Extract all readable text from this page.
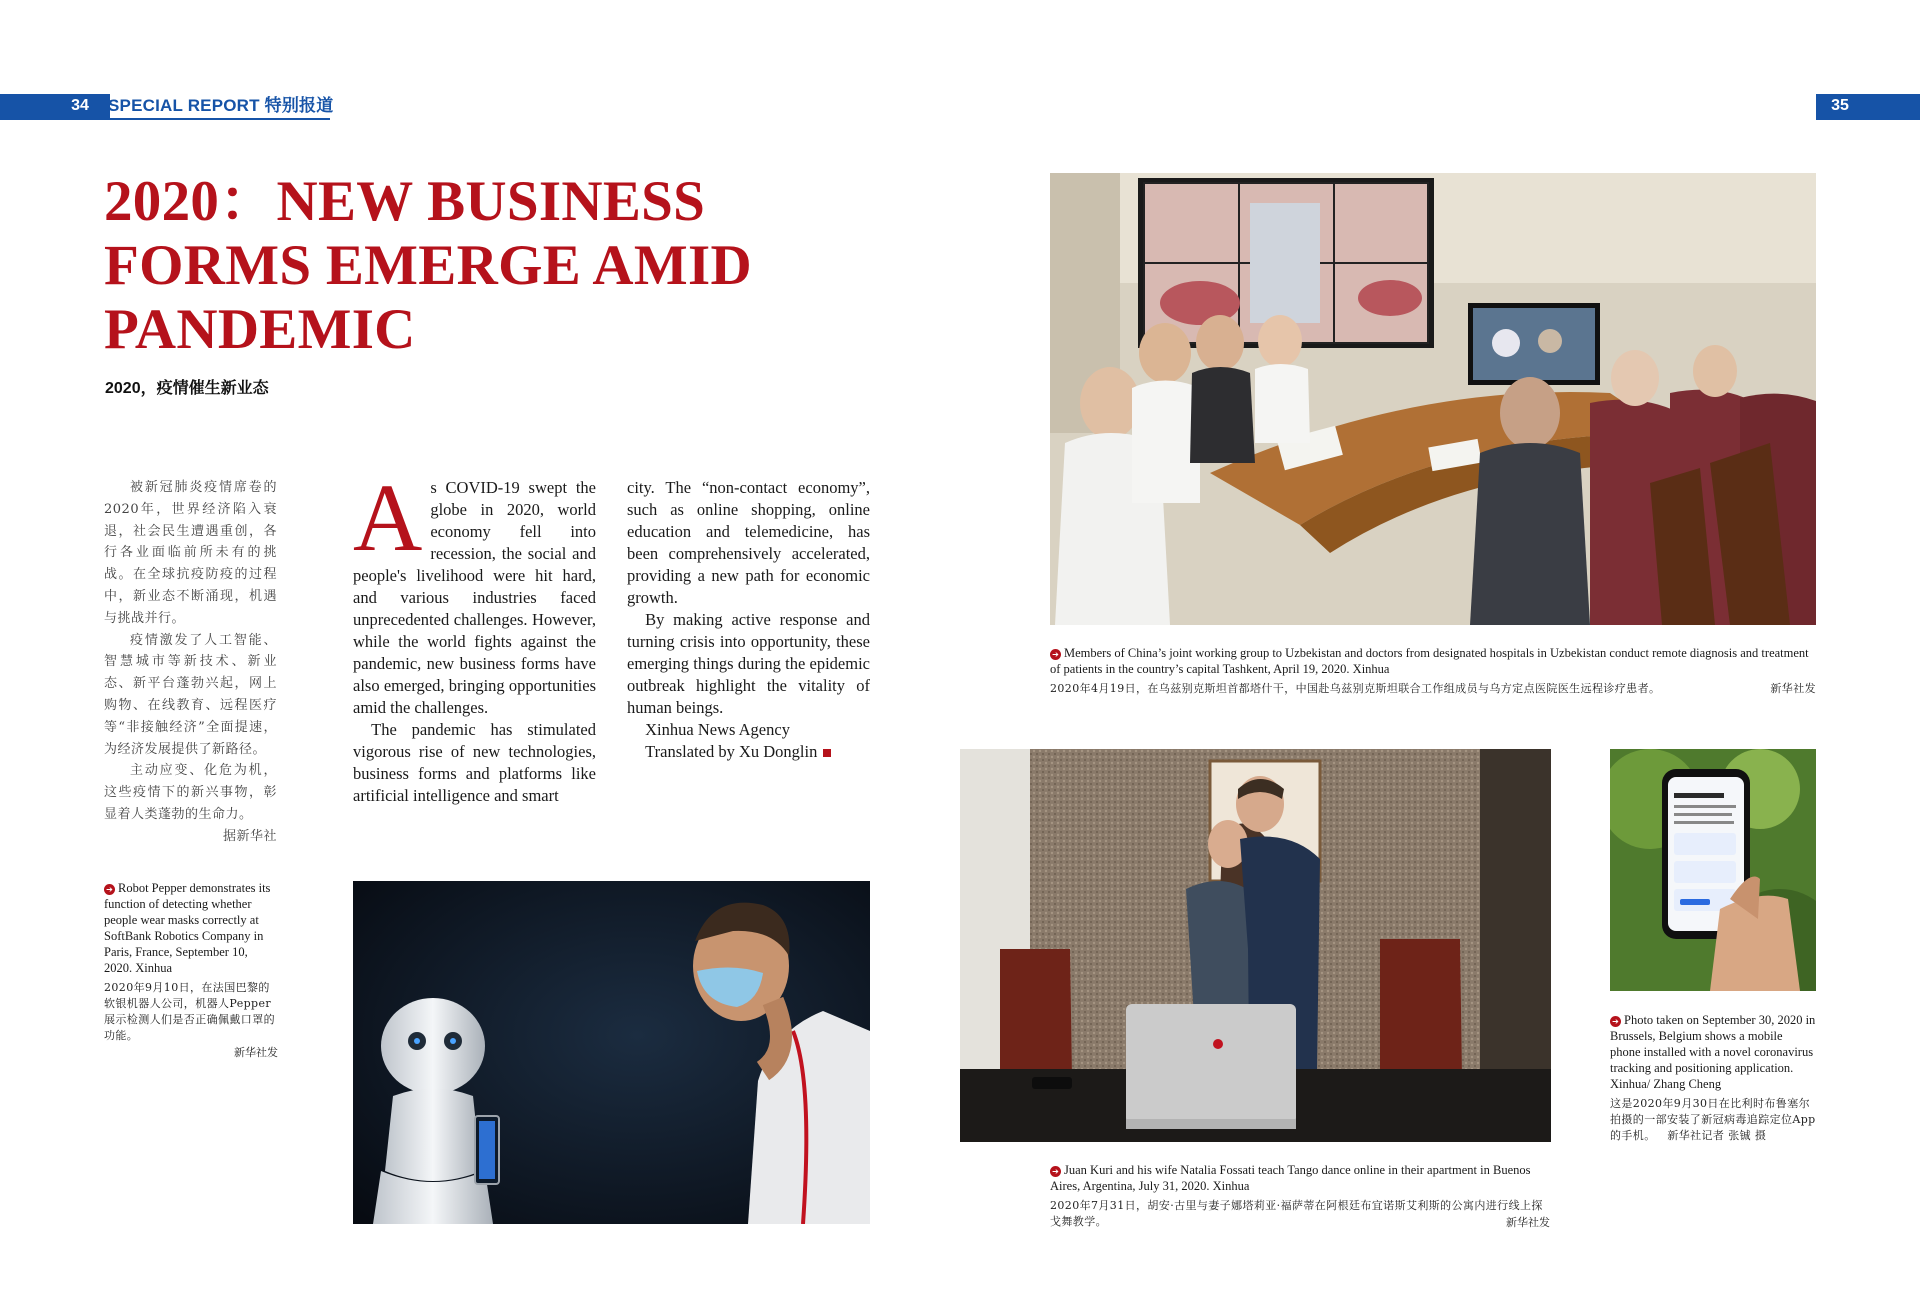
34	SPECIAL REPORT 特别报道	35
2020：NEW BUSINESS
FORMS EMERGE AMID
PANDEMIC
2020，疫情催生新业态

被新冠肺炎疫情席卷的2020年，世界经济陷入衰退，社会民生遭遇重创，各行各业面临前所未有的挑战。在全球抗疫防疫的过程中，新业态不断涌现，机遇与挑战并行。

疫情激发了人工智能、智慧城市等新技术、新业态、新平台蓬勃兴起，网上购物、在线教育、远程医疗等“非接触经济”全面提速，为经济发展提供了新路径。

主动应变、化危为机，这些疫情下的新兴事物，彰显着人类蓬勃的生命力。

据新华社

As COVID-19 swept the globe in 2020, world economy fell into recession, the social and people's livelihood were hit hard, and various industries faced unprecedented challenges. However, while the world fights against the pandemic, new business forms have also emerged, bringing opportunities amid the challenges.

The pandemic has stimulated vigorous rise of new technologies, business forms and platforms like artificial intelligence and smart

city. The “non-contact economy”, such as online shopping, online education and telemedicine, has been comprehensively accelerated, providing a new path for economic growth.

By making active response and turning crisis into opportunity, these emerging things during the epidemic outbreak highlight the vitality of human beings.

Xinhua News Agency

Translated by Xu Donglin

➔ Robot Pepper demonstrates its function of detecting whether people wear masks correctly at SoftBank Robotics Company in Paris, France, September 10, 2020. Xinhua
2020年9月10日，在法国巴黎的软银机器人公司，机器人Pepper展示检测人们是否正确佩戴口罩的功能。
新华社发
➔ Members of China’s joint working group to Uzbekistan and doctors from designated hospitals in Uzbekistan conduct remote diagnosis and treatment of patients in the country’s capital Tashkent, April 19, 2020. Xinhua
2020年4月19日，在乌兹别克斯坦首都塔什干，中国赴乌兹别克斯坦联合工作组成员与乌方定点医院医生远程诊疗患者。	新华社发
➔ Juan Kuri and his wife Natalia Fossati teach Tango dance online in their apartment in Buenos Aires, Argentina, July 31, 2020. Xinhua
2020年7月31日，胡安·古里与妻子娜塔莉亚·福萨蒂在阿根廷布宜诺斯艾利斯的公寓内进行线上探戈舞教学。	新华社发
➔ Photo taken on September 30, 2020 in Brussels, Belgium shows a mobile phone installed with a novel coronavirus tracking and positioning application. Xinhua/ Zhang Cheng
这是2020年9月30日在比利时布鲁塞尔拍摄的一部安装了新冠病毒追踪定位App的手机。 新华社记者 张铖 摄
